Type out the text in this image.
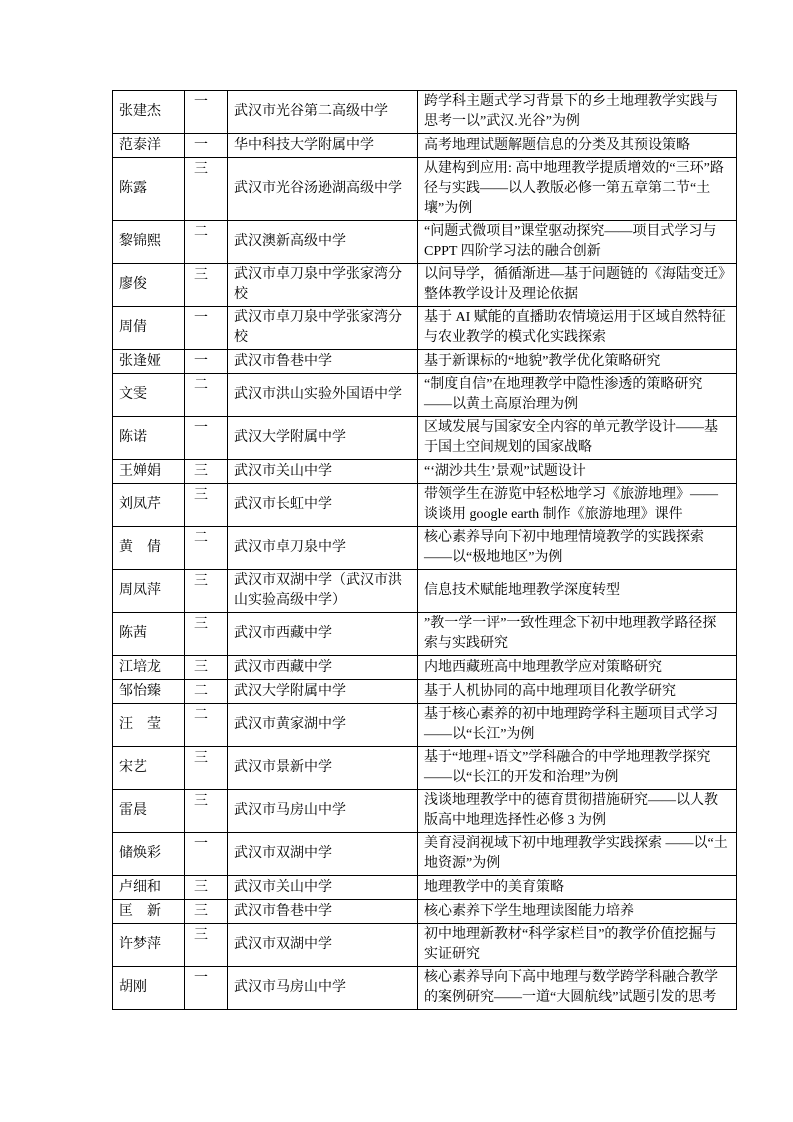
张建杰	一	武汉市光谷第二高级中学	跨学科主题式学习背景下的乡土地理教学实践与思考一以”武汉.光谷”为例
范泰洋	一	华中科技大学附属中学	高考地理试题解题信息的分类及其预设策略
陈露	三	武汉市光谷汤逊湖高级中学	从建构到应用: 高中地理教学提质增效的“三环”路径与实践——以人教版必修一第五章第二节“土壤”为例
黎锦熙	二	武汉澳新高级中学	“问题式微项目”课堂驱动探究——项目式学习与 CPPT 四阶学习法的融合创新
廖俊	三	武汉市卓刀泉中学张家湾分校	以问导学，循循渐进—基于问题链的《海陆变迁》整体教学设计及理论依据
周倩	一	武汉市卓刀泉中学张家湾分校	基于 AI 赋能的直播助农情境运用于区域自然特征与农业教学的模式化实践探索
张逢娅	一	武汉市鲁巷中学	基于新课标的“地貌”教学优化策略研究
文雯	二	武汉市洪山实验外国语中学	“制度自信”在地理教学中隐性渗透的策略研究——以黄土高原治理为例
陈诺	一	武汉大学附属中学	区域发展与国家安全内容的单元教学设计——基于国土空间规划的国家战略
王婵娟	三	武汉市关山中学	“‘湖沙共生’景观”试题设计
刘凤芹	三	武汉市长虹中学	带领学生在游览中轻松地学习《旅游地理》——谈谈用 google earth 制作《旅游地理》课件
黄　倩	二	武汉市卓刀泉中学	核心素养导向下初中地理情境教学的实践探索——以“极地地区”为例
周凤萍	三	武汉市双湖中学（武汉市洪山实验高级中学）	信息技术赋能地理教学深度转型
陈茜	三	武汉市西藏中学	”教一学一评”一致性理念下初中地理教学路径探索与实践研究
江培龙	三	武汉市西藏中学	内地西藏班高中地理教学应对策略研究
邹怡臻	二	武汉大学附属中学	基于人机协同的高中地理项目化教学研究
汪　莹	二	武汉市黄家湖中学	基于核心素养的初中地理跨学科主题项目式学习——以“长江”为例
宋艺	三	武汉市景新中学	基于“地理+语文”学科融合的中学地理教学探究——以“长江的开发和治理”为例
雷晨	三	武汉市马房山中学	浅谈地理教学中的德育贯彻措施研究——以人教版高中地理选择性必修 3 为例
储焕彩	一	武汉市双湖中学	美育浸润视域下初中地理教学实践探索 ——以“土地资源”为例
卢细和	三	武汉市关山中学	地理教学中的美育策略
匡　新	三	武汉市鲁巷中学	核心素养下学生地理读图能力培养
许梦萍	三	武汉市双湖中学	初中地理新教材“科学家栏目”的教学价值挖掘与实证研究
胡刚	一	武汉市马房山中学	核心素养导向下高中地理与数学跨学科融合教学的案例研究——一道“大圆航线”试题引发的思考
